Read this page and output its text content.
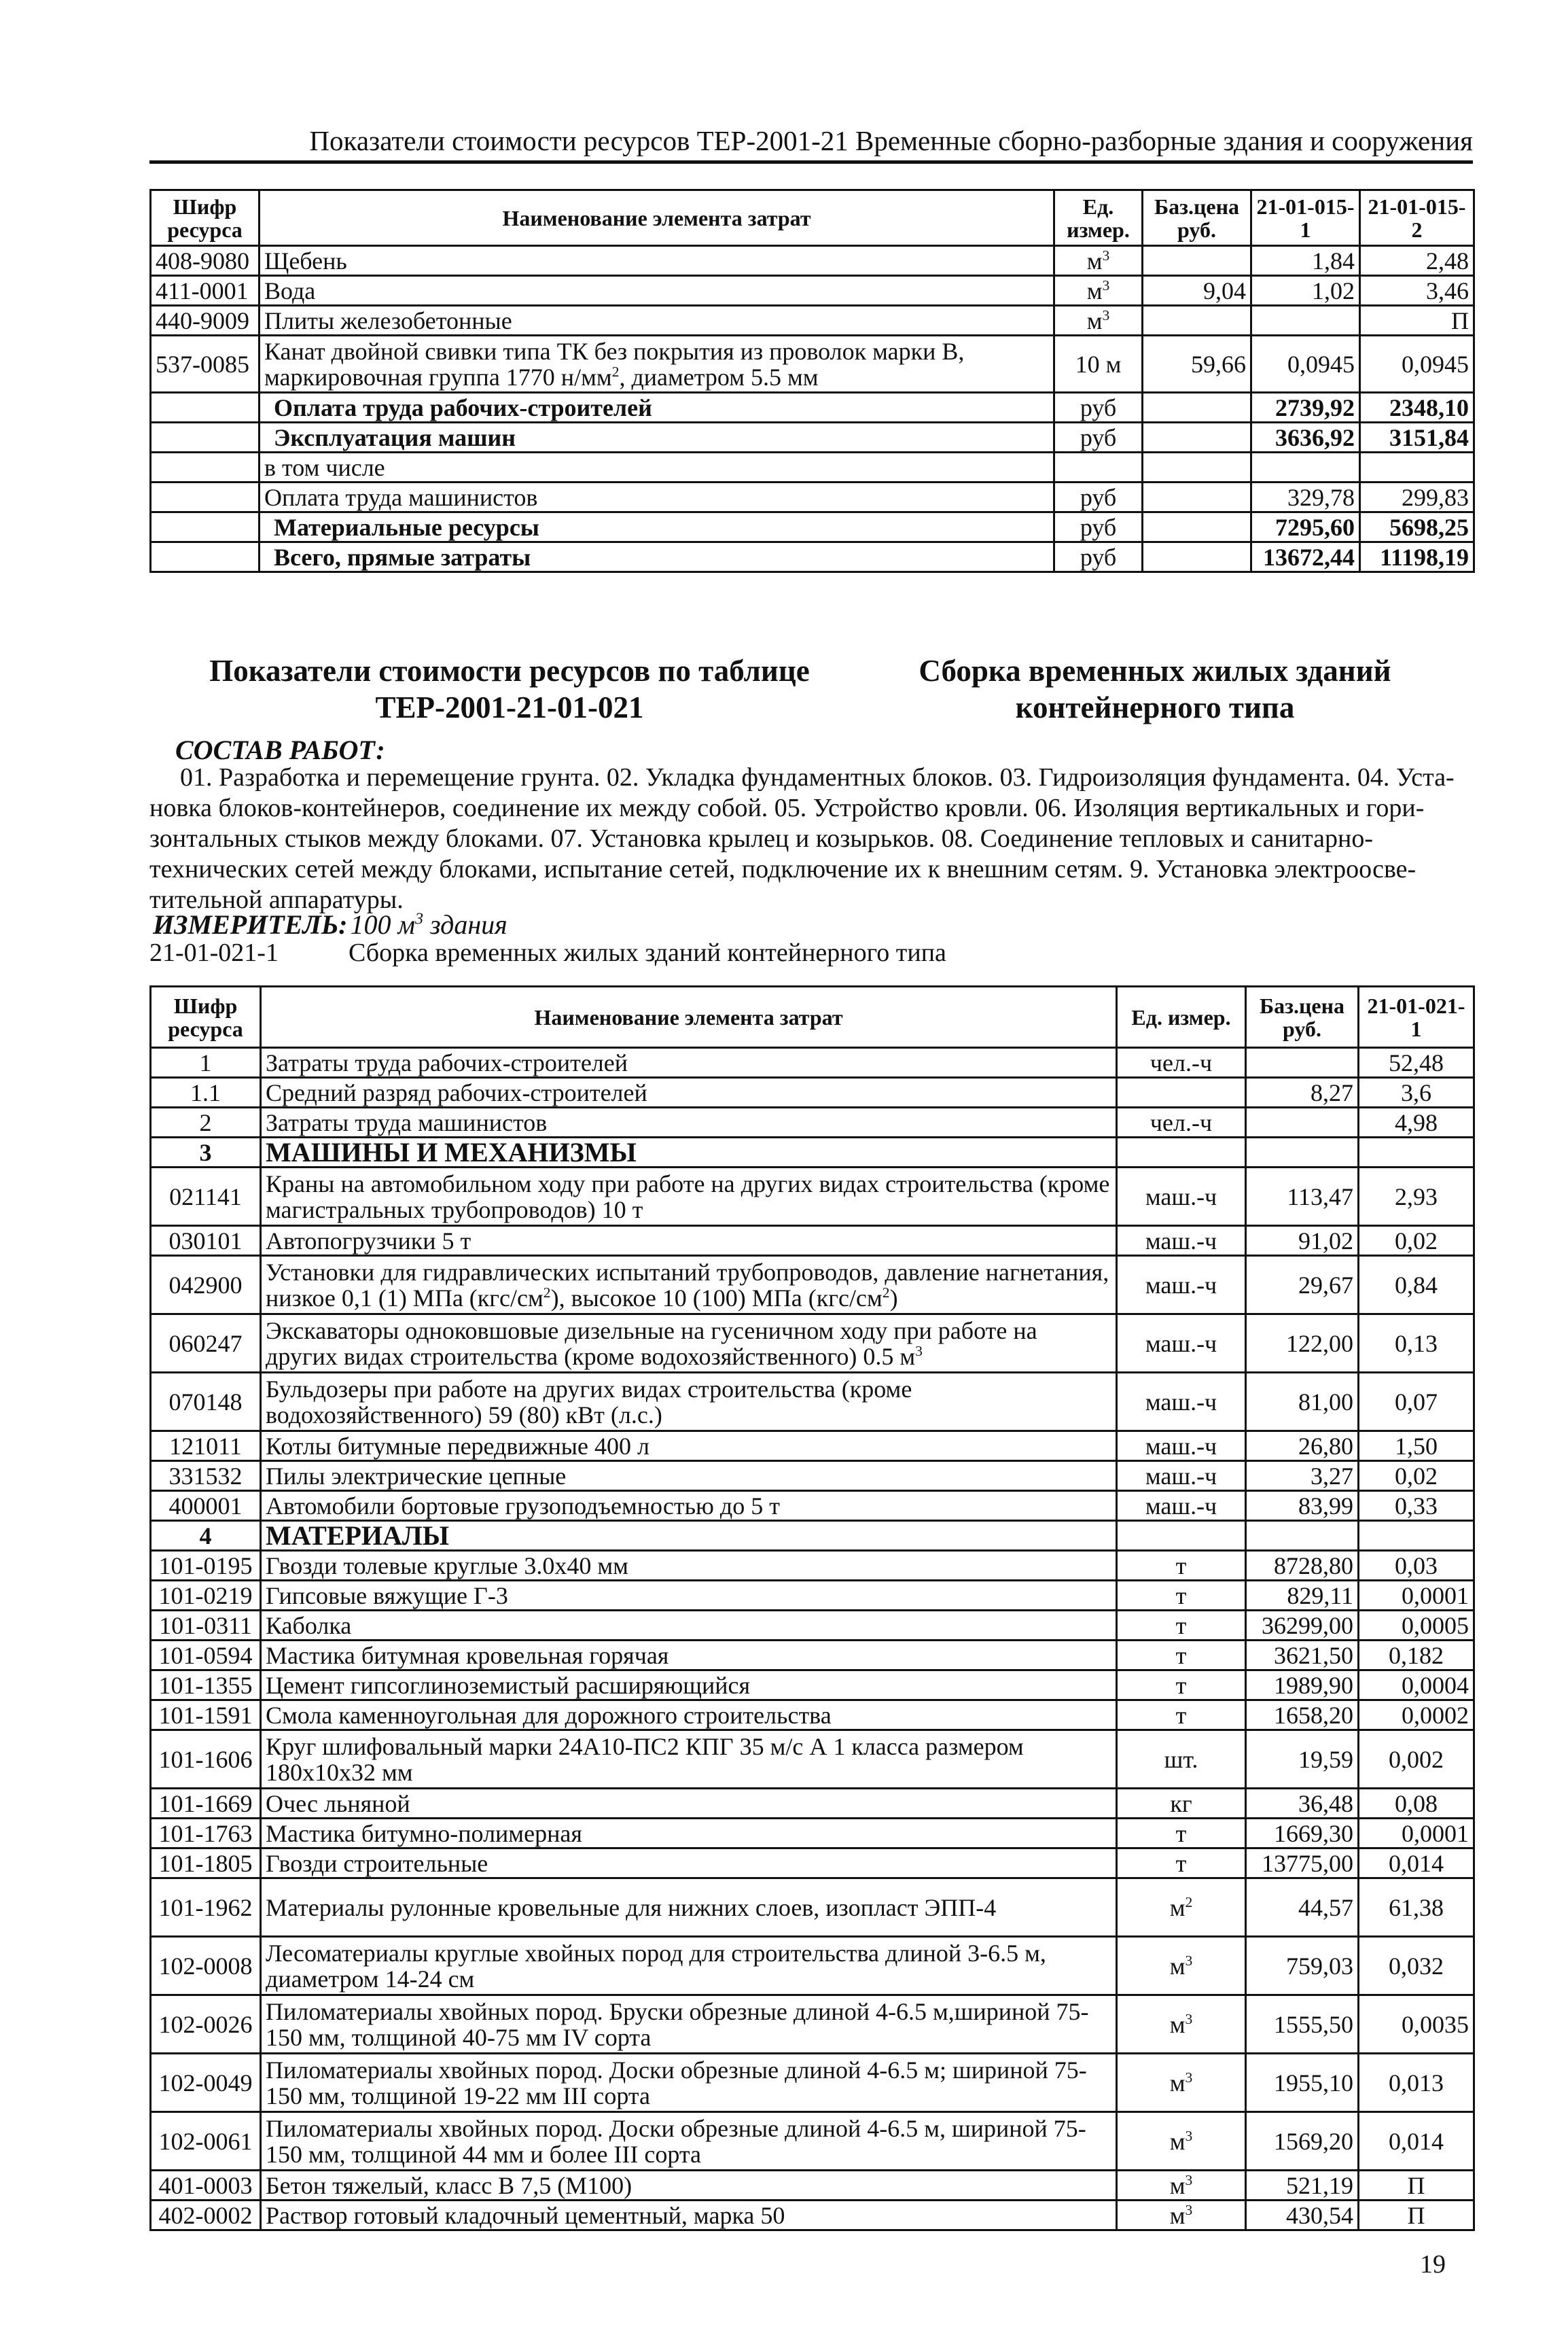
Показатели стоимости ресурсов ТЕР-2001-21 Временные сборно-разборные здания и сооружения
Шифр ресурса	Наименование элемента затрат	Ед. измер.	Баз.цена руб.	21-01-015-1	21-01-015-2
408-9080	Щебень	$м^3$		1,84	2,48
411-0001	Вода	$м^3$	9,04	1,02	3,46
440-9009	Плиты железобетонные	$м^3$			П
537-0085	Канат двойной свивки типа ТК без покрытия из проволок марки В, маркировочная группа 1770 $н/мм^2$, диаметром 5.5 мм	10 м	59,66	0,0945	0,0945
	Оплата труда рабочих-строителей	руб		2739,92	2348,10
	Эксплуатация машин	руб		3636,92	3151,84
	в том числе				
	Оплата труда машинистов	руб		329,78	299,83
	Материальные ресурсы	руб		7295,60	5698,25
	Всего, прямые затраты	руб		13672,44	11198,19
Показатели стоимости ресурсов по таблице
ТЕР-2001-21-01-021
Сборка временных жилых зданий
контейнерного типа
СОСТАВ РАБОТ:
01. Разработка и перемещение грунта. 02. Укладка фундаментных блоков. 03. Гидроизоляция фундамента. 04. Уста-
новка блоков-контейнеров, соединение их между собой. 05. Устройство кровли. 06. Изоляция вертикальных и гори-
зонтальных стыков между блоками. 07. Установка крылец и козырьков. 08. Соединение тепловых и санитарно-
технических сетей между блоками, испытание сетей, подключение их к внешним сетям. 9. Установка электроосве-
тительной аппаратуры.
ИЗМЕРИТЕЛЬ: 100 $м^3$ здания
21-01-021-1	Сборка временных жилых зданий контейнерного типа
Шифр ресурса	Наименование элемента затрат	Ед. измер.	Баз.цена руб.	21-01-021-1
1	Затраты труда рабочих-строителей	чел.-ч		52,48
1.1	Средний разряд рабочих-строителей		8,27	3,6
2	Затраты труда машинистов	чел.-ч		4,98
3	МАШИНЫ И МЕХАНИЗМЫ			
021141	Краны на автомобильном ходу при работе на других видах строительства (кроме магистральных трубопроводов) 10 т	маш.-ч	113,47	2,93
030101	Автопогрузчики 5 т	маш.-ч	91,02	0,02
042900	Установки для гидравлических испытаний трубопроводов, давление нагнетания, низкое 0,1 (1) МПа $(кгс/см^2)$, высокое 10 (100) МПа $(кгс/см^2)$	маш.-ч	29,67	0,84
060247	Экскаваторы одноковшовые дизельные на гусеничном ходу при работе на других видах строительства (кроме водохозяйственного) 0.5 $м^3$	маш.-ч	122,00	0,13
070148	Бульдозеры при работе на других видах строительства (кроме водохозяйственного) 59 (80) кВт (л.с.)	маш.-ч	81,00	0,07
121011	Котлы битумные передвижные 400 л	маш.-ч	26,80	1,50
331532	Пилы электрические цепные	маш.-ч	3,27	0,02
400001	Автомобили бортовые грузоподъемностью до 5 т	маш.-ч	83,99	0,33
4	МАТЕРИАЛЫ			
101-0195	Гвозди толевые круглые 3.0х40 мм	т	8728,80	0,03
101-0219	Гипсовые вяжущие Г-3	т	829,11	0,0001
101-0311	Каболка	т	36299,00	0,0005
101-0594	Мастика битумная кровельная горячая	т	3621,50	0,182
101-1355	Цемент гипсоглиноземистый расширяющийся	т	1989,90	0,0004
101-1591	Смола каменноугольная для дорожного строительства	т	1658,20	0,0002
101-1606	Круг шлифовальный марки 24А10-ПС2 КПГ 35 м/с А 1 класса размером 180х10х32 мм	шт.	19,59	0,002
101-1669	Очес льняной	кг	36,48	0,08
101-1763	Мастика битумно-полимерная	т	1669,30	0,0001
101-1805	Гвозди строительные	т	13775,00	0,014
101-1962	Материалы рулонные кровельные для нижних слоев, изопласт ЭПП-4	$м^2$	44,57	61,38
102-0008	Лесоматериалы круглые хвойных пород для строительства длиной 3-6.5 м, диаметром 14-24 см	$м^3$	759,03	0,032
102-0026	Пиломатериалы хвойных пород. Бруски обрезные длиной 4-6.5 м,шириной 75-150 мм, толщиной 40-75 мм IV сорта	$м^3$	1555,50	0,0035
102-0049	Пиломатериалы хвойных пород. Доски обрезные длиной 4-6.5 м; шириной 75-150 мм, толщиной 19-22 мм III сорта	$м^3$	1955,10	0,013
102-0061	Пиломатериалы хвойных пород. Доски обрезные длиной 4-6.5 м, шириной 75-150 мм, толщиной 44 мм и более III сорта	$м^3$	1569,20	0,014
401-0003	Бетон тяжелый, класс В 7,5 (М100)	$м^3$	521,19	П
402-0002	Раствор готовый кладочный цементный, марка 50	$м^3$	430,54	П
19
